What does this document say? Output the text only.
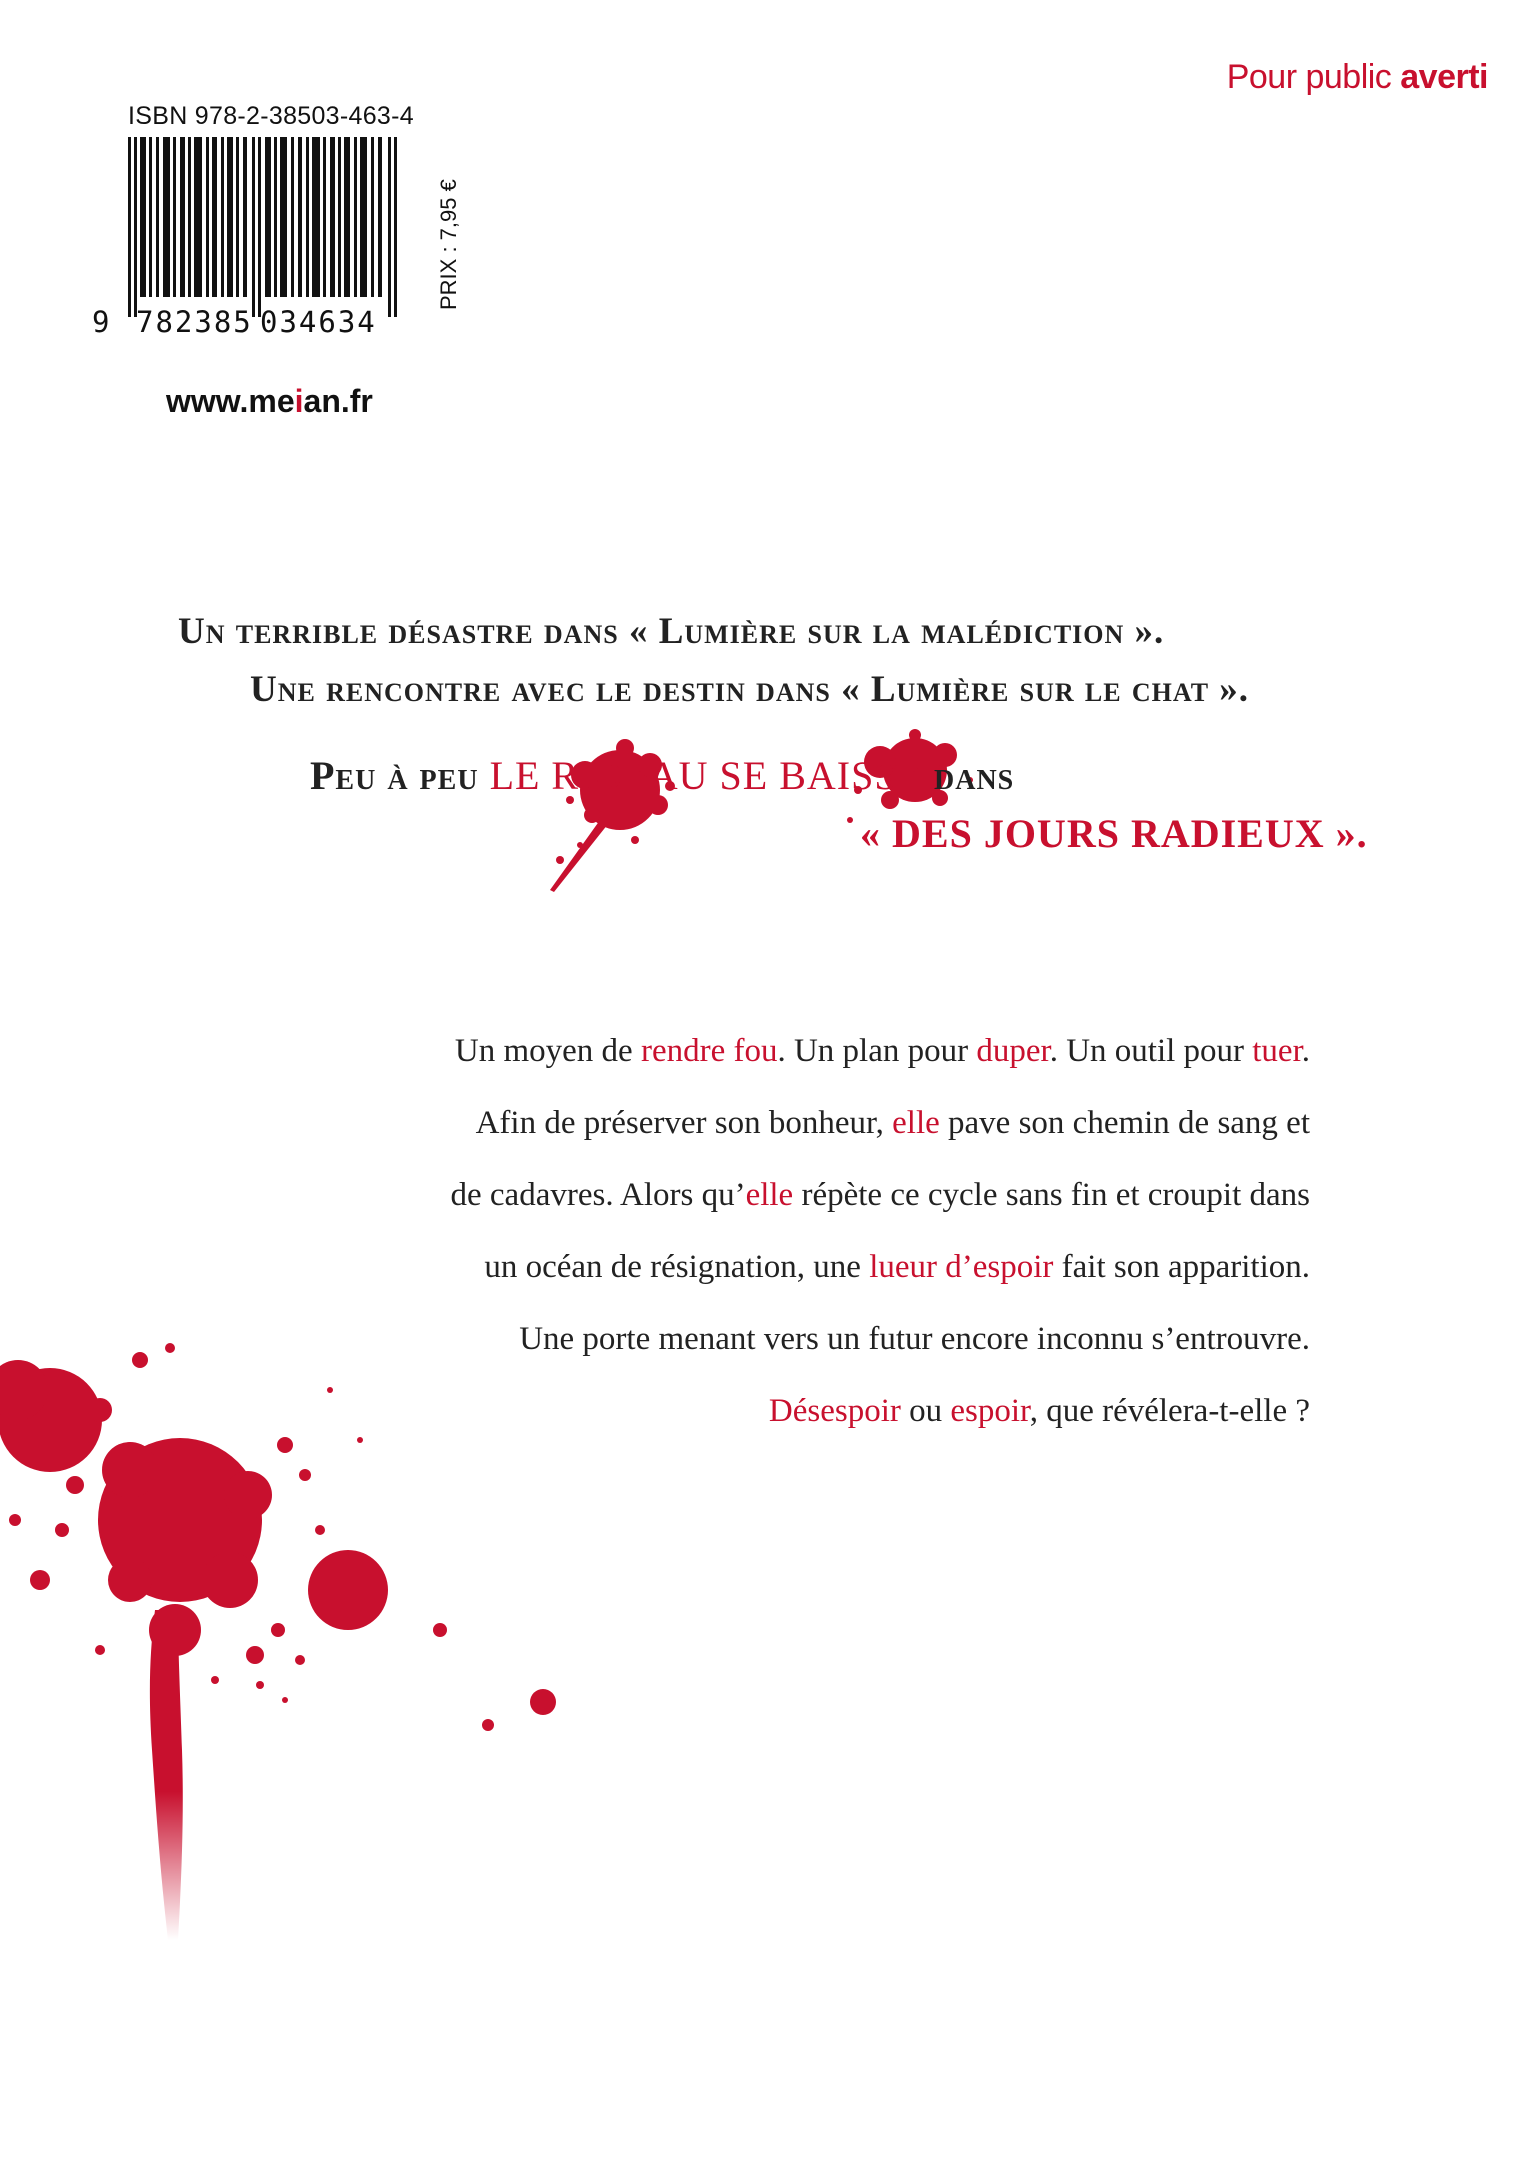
Pour public averti
ISBN 978-2-38503-463-4
9 782385 034634
PRIX : 7,95 €
www.meian.fr
Un terrible désastre dans « Lumière sur la malédiction ».
Une rencontre avec le destin dans « Lumière sur le chat ».
Peu à peu LE RIDEAU SE BAISSE dans
« DES JOURS RADIEUX ».
Un moyen de rendre fou. Un plan pour duper. Un outil pour tuer.
Afin de préserver son bonheur, elle pave son chemin de sang et
de cadavres. Alors qu’elle répète ce cycle sans fin et croupit dans
un océan de résignation, une lueur d’espoir fait son apparition.
Une porte menant vers un futur encore inconnu s’entrouvre.
Désespoir ou espoir, que révélera-t-elle ?
